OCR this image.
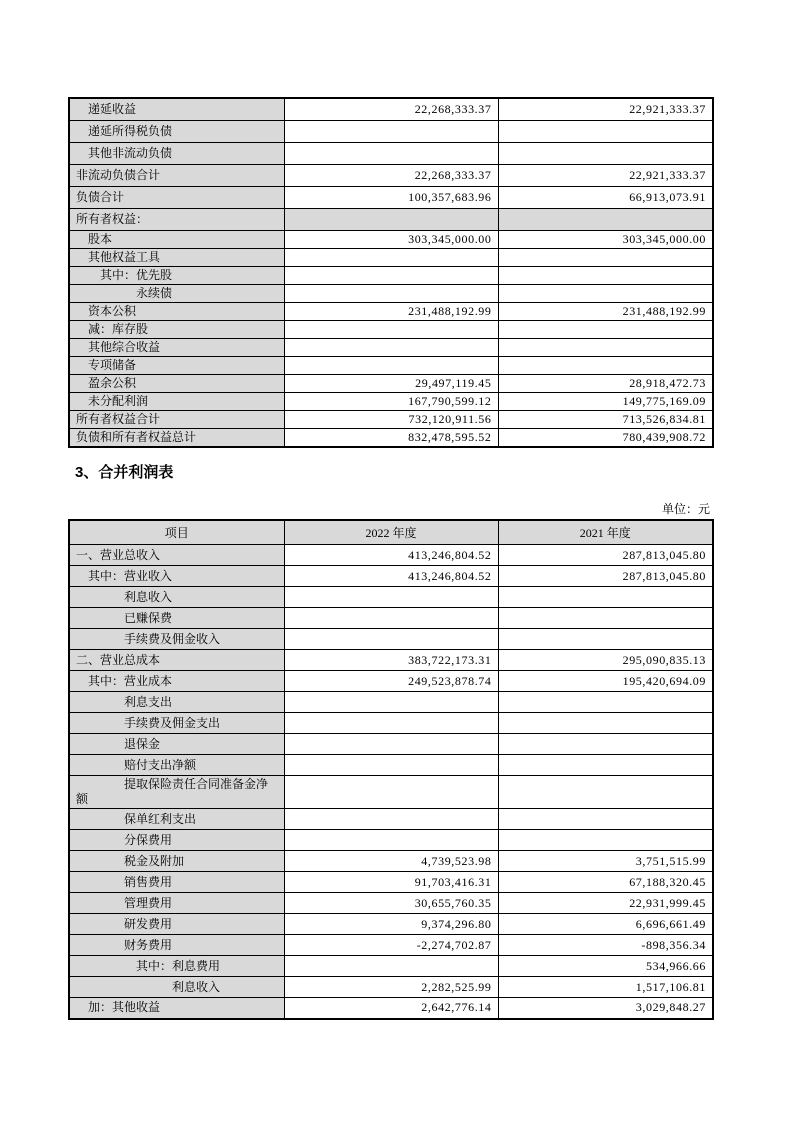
递延收益	22,268,333.37	22,921,333.37
递延所得税负债		
其他非流动负债		
非流动负债合计	22,268,333.37	22,921,333.37
负债合计	100,357,683.96	66,913,073.91
所有者权益：		
股本	303,345,000.00	303,345,000.00
其他权益工具		
其中：优先股		
永续债		
资本公积	231,488,192.99	231,488,192.99
减：库存股		
其他综合收益		
专项储备		
盈余公积	29,497,119.45	28,918,472.73
未分配利润	167,790,599.12	149,775,169.09
所有者权益合计	732,120,911.56	713,526,834.81
负债和所有者权益总计	832,478,595.52	780,439,908.72
3、合并利润表
单位：元
项目	2022 年度	2021 年度
一、营业总收入	413,246,804.52	287,813,045.80
其中：营业收入	413,246,804.52	287,813,045.80
利息收入		
已赚保费		
手续费及佣金收入		
二、营业总成本	383,722,173.31	295,090,835.13
其中：营业成本	249,523,878.74	195,420,694.09
利息支出		
手续费及佣金支出		
退保金		
赔付支出净额		
提取保险责任合同准备金净额		
保单红利支出		
分保费用		
税金及附加	4,739,523.98	3,751,515.99
销售费用	91,703,416.31	67,188,320.45
管理费用	30,655,760.35	22,931,999.45
研发费用	9,374,296.80	6,696,661.49
财务费用	-2,274,702.87	-898,356.34
其中：利息费用		534,966.66
利息收入	2,282,525.99	1,517,106.81
加：其他收益	2,642,776.14	3,029,848.27
